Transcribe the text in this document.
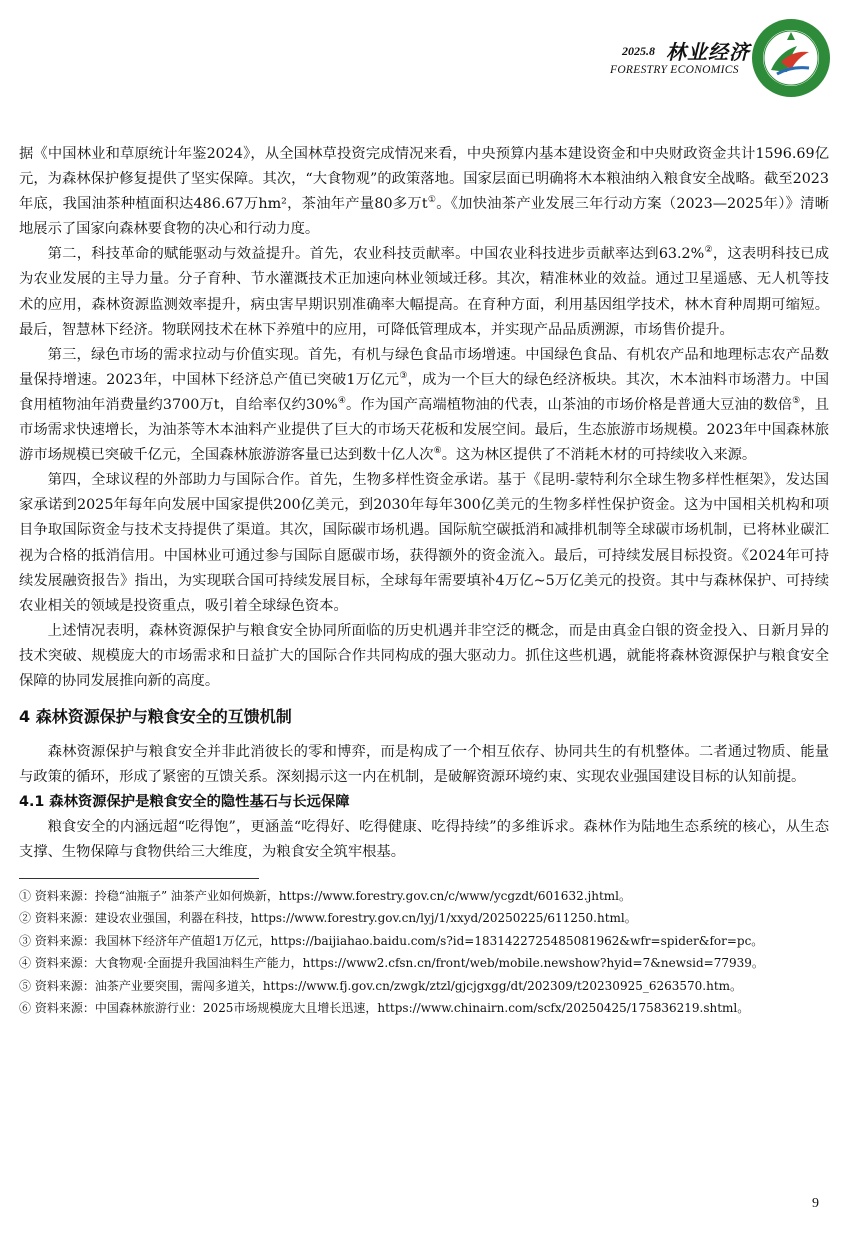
2025.8 林业经济
FORESTRY ECONOMICS

据《中国林业和草原统计年鉴2024》，从全国林草投资完成情况来看，中央预算内基本建设资金和中央财政资金共计1596.69亿元，为森林保护修复提供了坚实保障。其次，“大食物观”的政策落地。国家层面已明确将木本粮油纳入粮食安全战略。截至2023年底，我国油茶种植面积达486.67万hm²，茶油年产量80多万t①。《加快油茶产业发展三年行动方案（2023—2025年）》清晰地展示了国家向森林要食物的决心和行动力度。

第二，科技革命的赋能驱动与效益提升。首先，农业科技贡献率。中国农业科技进步贡献率达到63.2%②，这表明科技已成为农业发展的主导力量。分子育种、节水灌溉技术正加速向林业领域迁移。其次，精准林业的效益。通过卫星遥感、无人机等技术的应用，森林资源监测效率提升，病虫害早期识别准确率大幅提高。在育种方面，利用基因组学技术，林木育种周期可缩短。最后，智慧林下经济。物联网技术在林下养殖中的应用，可降低管理成本，并实现产品品质溯源，市场售价提升。

第三，绿色市场的需求拉动与价值实现。首先，有机与绿色食品市场增速。中国绿色食品、有机农产品和地理标志农产品数量保持增速。2023年，中国林下经济总产值已突破1万亿元③，成为一个巨大的绿色经济板块。其次，木本油料市场潜力。中国食用植物油年消费量约3700万t，自给率仅约30%④。作为国产高端植物油的代表，山茶油的市场价格是普通大豆油的数倍⑤，且市场需求快速增长，为油茶等木本油料产业提供了巨大的市场天花板和发展空间。最后，生态旅游市场规模。2023年中国森林旅游市场规模已突破千亿元，全国森林旅游游客量已达到数十亿人次⑥。这为林区提供了不消耗木材的可持续收入来源。

第四，全球议程的外部助力与国际合作。首先，生物多样性资金承诺。基于《昆明-蒙特利尔全球生物多样性框架》，发达国家承诺到2025年每年向发展中国家提供200亿美元，到2030年每年300亿美元的生物多样性保护资金。这为中国相关机构和项目争取国际资金与技术支持提供了渠道。其次，国际碳市场机遇。国际航空碳抵消和减排机制等全球碳市场机制，已将林业碳汇视为合格的抵消信用。中国林业可通过参与国际自愿碳市场，获得额外的资金流入。最后，可持续发展目标投资。《2024年可持续发展融资报告》指出，为实现联合国可持续发展目标，全球每年需要填补4万亿~5万亿美元的投资。其中与森林保护、可持续农业相关的领域是投资重点，吸引着全球绿色资本。

上述情况表明，森林资源保护与粮食安全协同所面临的历史机遇并非空泛的概念，而是由真金白银的资金投入、日新月异的技术突破、规模庞大的市场需求和日益扩大的国际合作共同构成的强大驱动力。抓住这些机遇，就能将森林资源保护与粮食安全保障的协同发展推向新的高度。

4 森林资源保护与粮食安全的互馈机制

森林资源保护与粮食安全并非此消彼长的零和博弈，而是构成了一个相互依存、协同共生的有机整体。二者通过物质、能量与政策的循环，形成了紧密的互馈关系。深刻揭示这一内在机制，是破解资源环境约束、实现农业强国建设目标的认知前提。

4.1 森林资源保护是粮食安全的隐性基石与长远保障

粮食安全的内涵远超“吃得饱”，更涵盖“吃得好、吃得健康、吃得持续”的多维诉求。森林作为陆地生态系统的核心，从生态支撑、生物保障与食物供给三大维度，为粮食安全筑牢根基。

① 资料来源：拎稳“油瓶子” 油茶产业如何焕新，https://www.forestry.gov.cn/c/www/ycgzdt/601632.jhtml。

② 资料来源：建设农业强国，利器在科技，https://www.forestry.gov.cn/lyj/1/xxyd/20250225/611250.html。

③ 资料来源：我国林下经济年产值超1万亿元，https://baijiahao.baidu.com/s?id=1831422725485081962&wfr=spider&for=pc。

④ 资料来源：大食物观·全面提升我国油料生产能力，https://www2.cfsn.cn/front/web/mobile.newshow?hyid=7&newsid=77939。

⑤ 资料来源：油茶产业要突围，需闯多道关，https://www.fj.gov.cn/zwgk/ztzl/gjcjgxgg/dt/202309/t20230925_6263570.htm。

⑥ 资料来源：中国森林旅游行业：2025市场规模庞大且增长迅速，https://www.chinairn.com/scfx/20250425/175836219.shtml。

9
